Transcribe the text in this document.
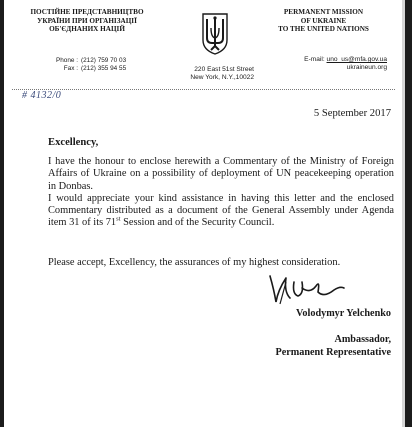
ПОСТІЙНЕ ПРЕДСТАВНИЦТВО
УКРАЇНИ ПРИ ОРГАНІЗАЦІЇ
ОБ'ЄДНАНИХ НАЦІЙ
PERMANENT MISSION
OF UKRAINE
TO THE UNITED NATIONS
Phone : (212) 759 70 03
Fax : (212) 355 94 55	220 East 51st Street
New York, N.Y.,10022
E-mail: uno_us@mfa.gov.ua
ukraineun.org
# 4132/0
5 September 2017
Excellency,

I have the honour to enclose herewith a Commentary of the Ministry of Foreign Affairs of Ukraine on a possibility of deployment of UN peacekeeping operation in Donbas.

I would appreciate your kind assistance in having this letter and the enclosed Commentary distributed as a document of the General Assembly under Agenda item 31 of its 71st Session and of the Security Council.

Please accept, Excellency, the assurances of my highest consideration.
Volodymyr Yelchenko
Ambassador,
Permanent Representative
